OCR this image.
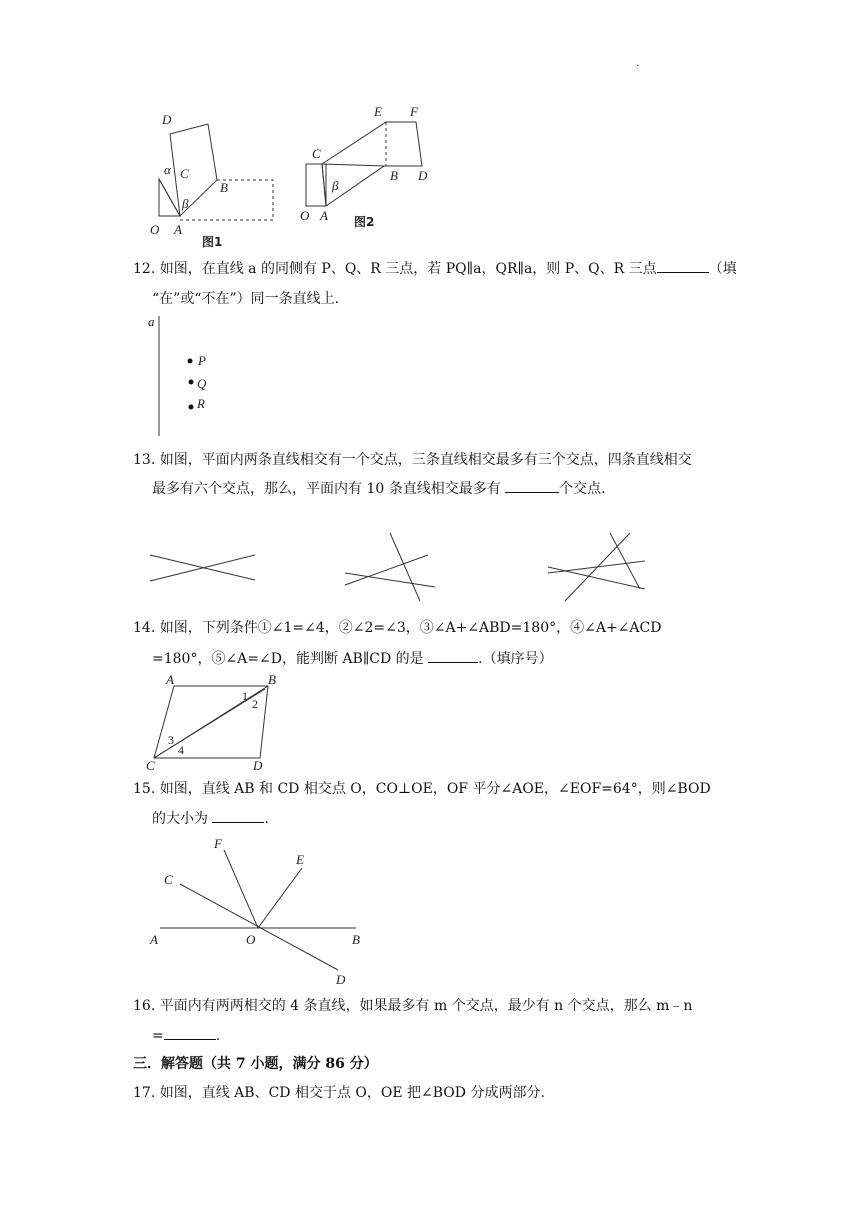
.
D
C
B
O A
α
β
图1
E F
C
B D
O A
β
图2
12. 如图，在直线 a 的同侧有 P、Q、R 三点，若 PQ∥a，QR∥a，则 P、Q、R 三点	（填
“在”或“不在”）同一条直线上.
a
P
Q
R
13. 如图，平面内两条直线相交有一个交点，三条直线相交最多有三个交点，四条直线相交
最多有六个交点，那么，平面内有 10 条直线相交最多有	个交点.
14. 如图，下列条件①∠1=∠4，②∠2=∠3，③∠A+∠ABD=180°，④∠A+∠ACD
=180°，⑤∠A=∠D，能判断 AB∥CD 的是	.（填序号）
A	B
C	D
1
2
3
4
15. 如图，直线 AB 和 CD 相交点 O，CO⊥OE，OF 平分∠AOE，∠EOF=64°，则∠BOD
的大小为	.
A	B
C
D
E
F
O
16. 平面内有两两相交的 4 条直线，如果最多有 m 个交点，最少有 n 个交点，那么 m﹣n
=	.
三．解答题（共 7 小题，满分 86 分）
17. 如图，直线 AB、CD 相交于点 O，OE 把∠BOD 分成两部分.
